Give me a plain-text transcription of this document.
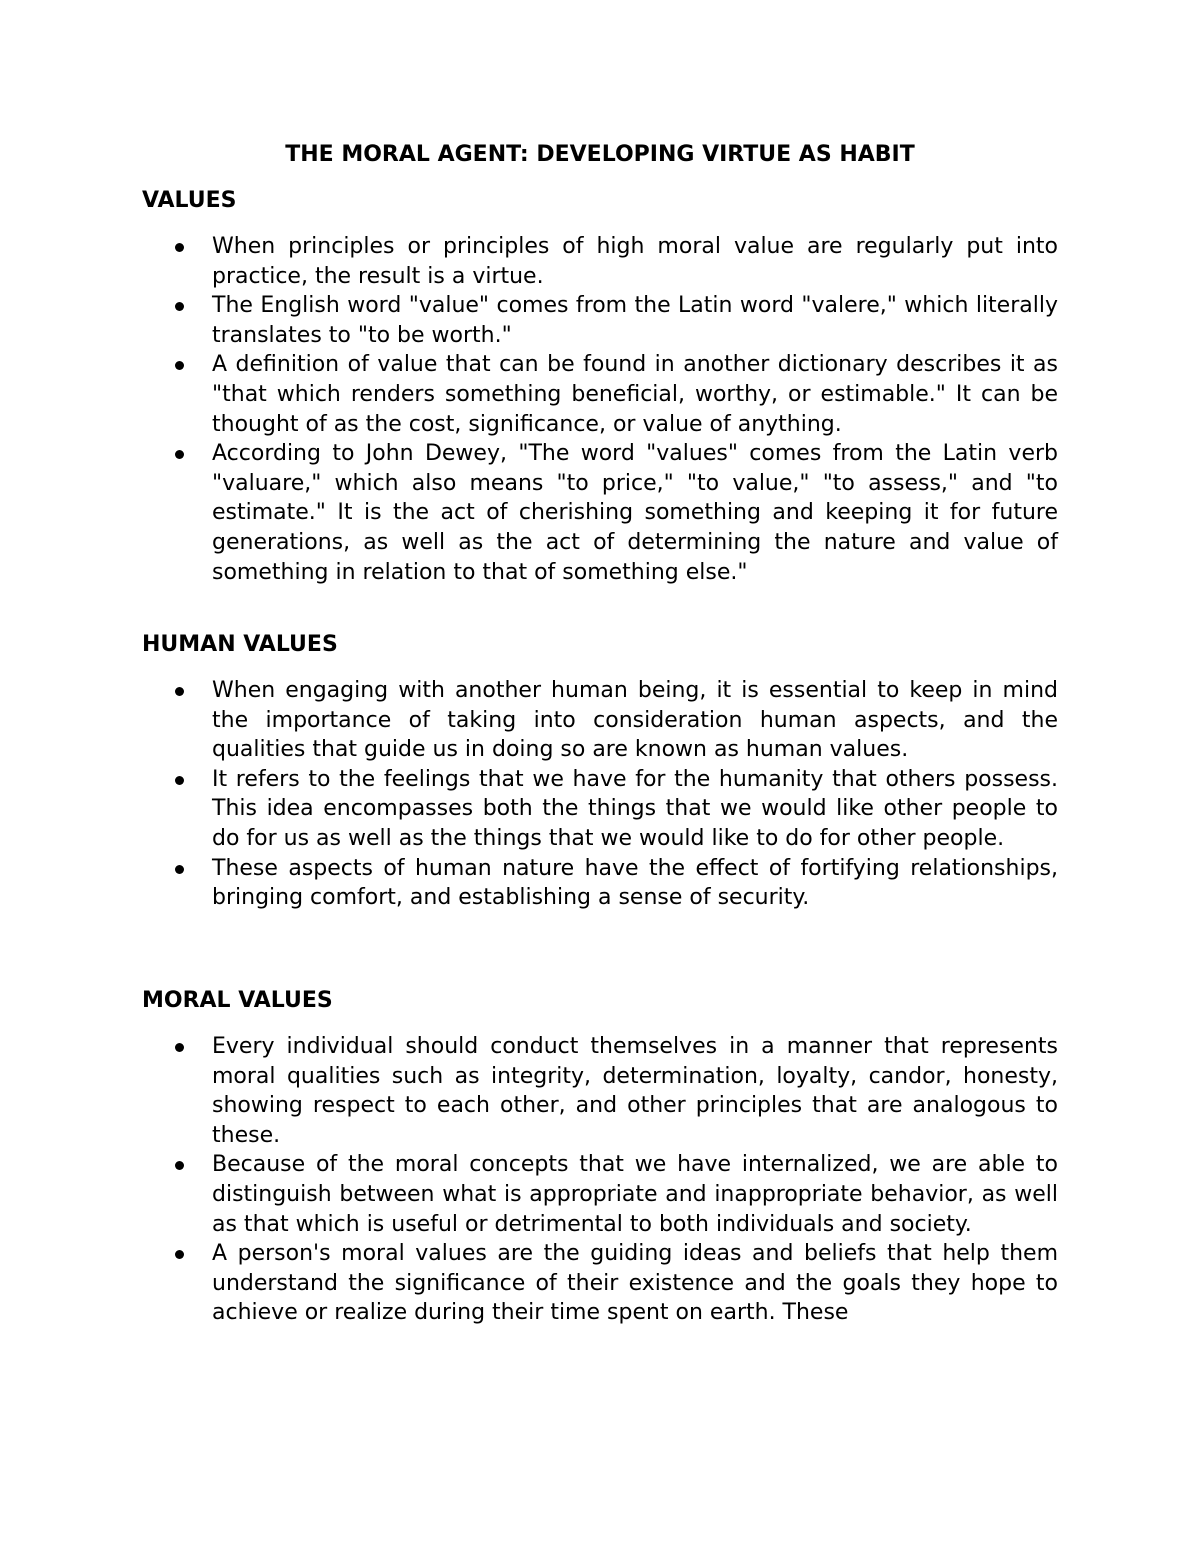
THE MORAL AGENT: DEVELOPING VIRTUE AS HABIT
VALUES
When principles or principles of high moral value are regularly put into practice, the result is a virtue.
The English word "value" comes from the Latin word "valere," which literally translates to "to be worth."
A definition of value that can be found in another dictionary describes it as "that which renders something beneficial, worthy, or estimable." It can be thought of as the cost, significance, or value of anything.
According to John Dewey, "The word "values" comes from the Latin verb "valuare," which also means "to price," "to value," "to assess," and "to estimate." It is the act of cherishing something and keeping it for future generations, as well as the act of determining the nature and value of something in relation to that of something else."
HUMAN VALUES
When engaging with another human being, it is essential to keep in mind the importance of taking into consideration human aspects, and the qualities that guide us in doing so are known as human values.
It refers to the feelings that we have for the humanity that others possess. This idea encompasses both the things that we would like other people to do for us as well as the things that we would like to do for other people.
These aspects of human nature have the effect of fortifying relationships, bringing comfort, and establishing a sense of security.
MORAL VALUES
Every individual should conduct themselves in a manner that represents moral qualities such as integrity, determination, loyalty, candor, honesty, showing respect to each other, and other principles that are analogous to these.
Because of the moral concepts that we have internalized, we are able to distinguish between what is appropriate and inappropriate behavior, as well as that which is useful or detrimental to both individuals and society.
A person's moral values are the guiding ideas and beliefs that help them understand the significance of their existence and the goals they hope to achieve or realize during their time spent on earth. These
